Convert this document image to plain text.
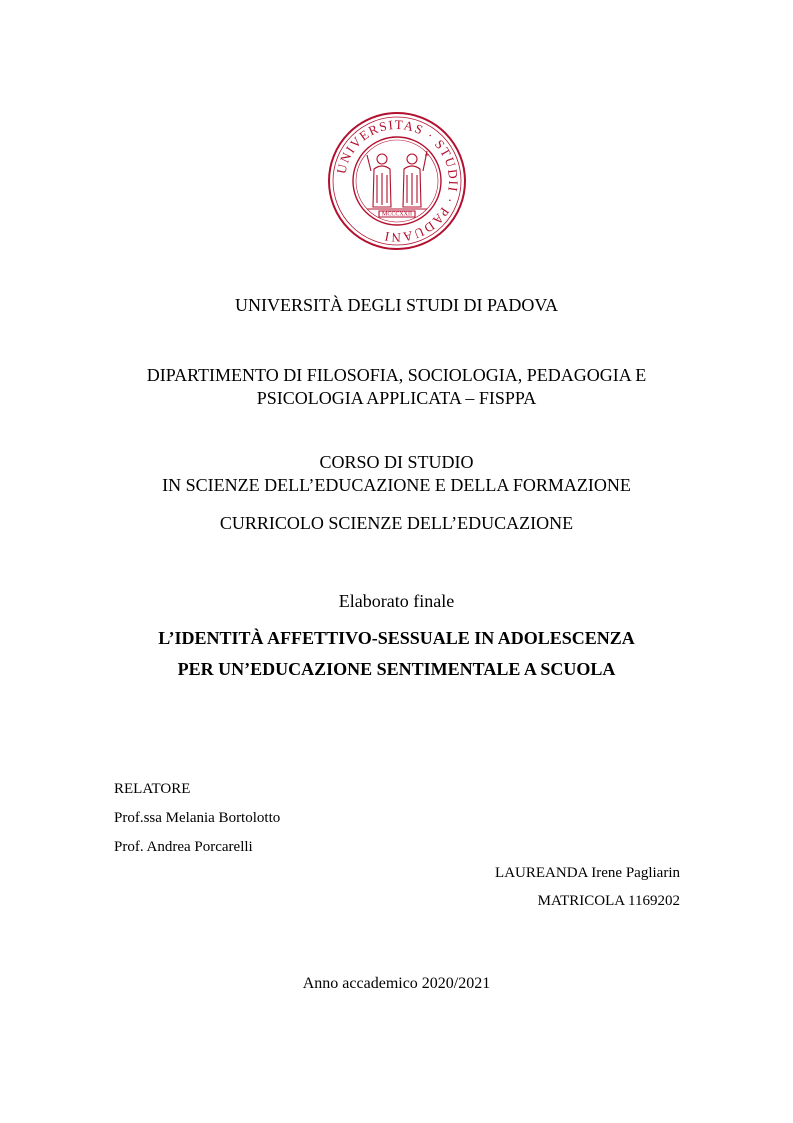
UNIVERSITAS · STUDII · PADUANI
MCCCXXII
UNIVERSITÀ DEGLI STUDI DI PADOVA
DIPARTIMENTO DI FILOSOFIA, SOCIOLOGIA, PEDAGOGIA E
PSICOLOGIA APPLICATA – FISPPA
CORSO DI STUDIO
IN SCIENZE DELL’EDUCAZIONE E DELLA FORMAZIONE
CURRICOLO SCIENZE DELL’EDUCAZIONE
Elaborato finale
L’IDENTITÀ AFFETTIVO-SESSUALE IN ADOLESCENZA
PER UN’EDUCAZIONE SENTIMENTALE A SCUOLA
RELATORE
Prof.ssa Melania Bortolotto
Prof. Andrea Porcarelli
LAUREANDA Irene Pagliarin
MATRICOLA 1169202
Anno accademico 2020/2021
